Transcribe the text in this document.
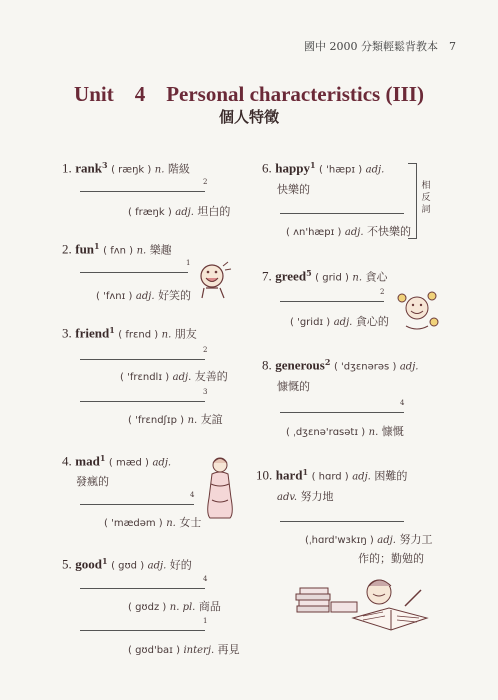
國中 2000 分類輕鬆背教本　7
Unit　4　Personal characteristics (III)
個人特徵
1. rank$^3$ ( ræŋk ) n. 階級
2
( fræŋk ) adj. 坦白的
2. fun$^1$ ( fʌn ) n. 樂趣
1
( 'fʌnɪ ) adj. 好笑的
3. friend$^1$ ( frɛnd ) n. 朋友
2
( 'frɛndlɪ ) adj. 友善的
3
( 'frɛndʃɪp ) n. 友誼
4. mad$^1$ ( mæd ) adj.
發瘋的
4
( 'mædəm ) n. 女士
5. good$^1$ ( gʊd ) adj. 好的
4
( gʊdz ) n. pl. 商品
1
( gʊd'baɪ ) interj. 再見
6. happy$^1$ ( 'hæpɪ ) adj.
快樂的
( ʌn'hæpɪ ) adj. 不快樂的
相反詞
7. greed$^5$ ( grid ) n. 貪心
2
( 'gridɪ ) adj. 貪心的
8. generous$^2$ ( 'dʒɛnərəs ) adj.
慷慨的
4
( ˌdʒɛnə'rɑsətɪ ) n. 慷慨
10. hard$^1$ ( hɑrd ) adj. 困難的
adv. 努力地
(ˌhɑrd'wɜkɪŋ ) adj. 努力工
作的；勤勉的
